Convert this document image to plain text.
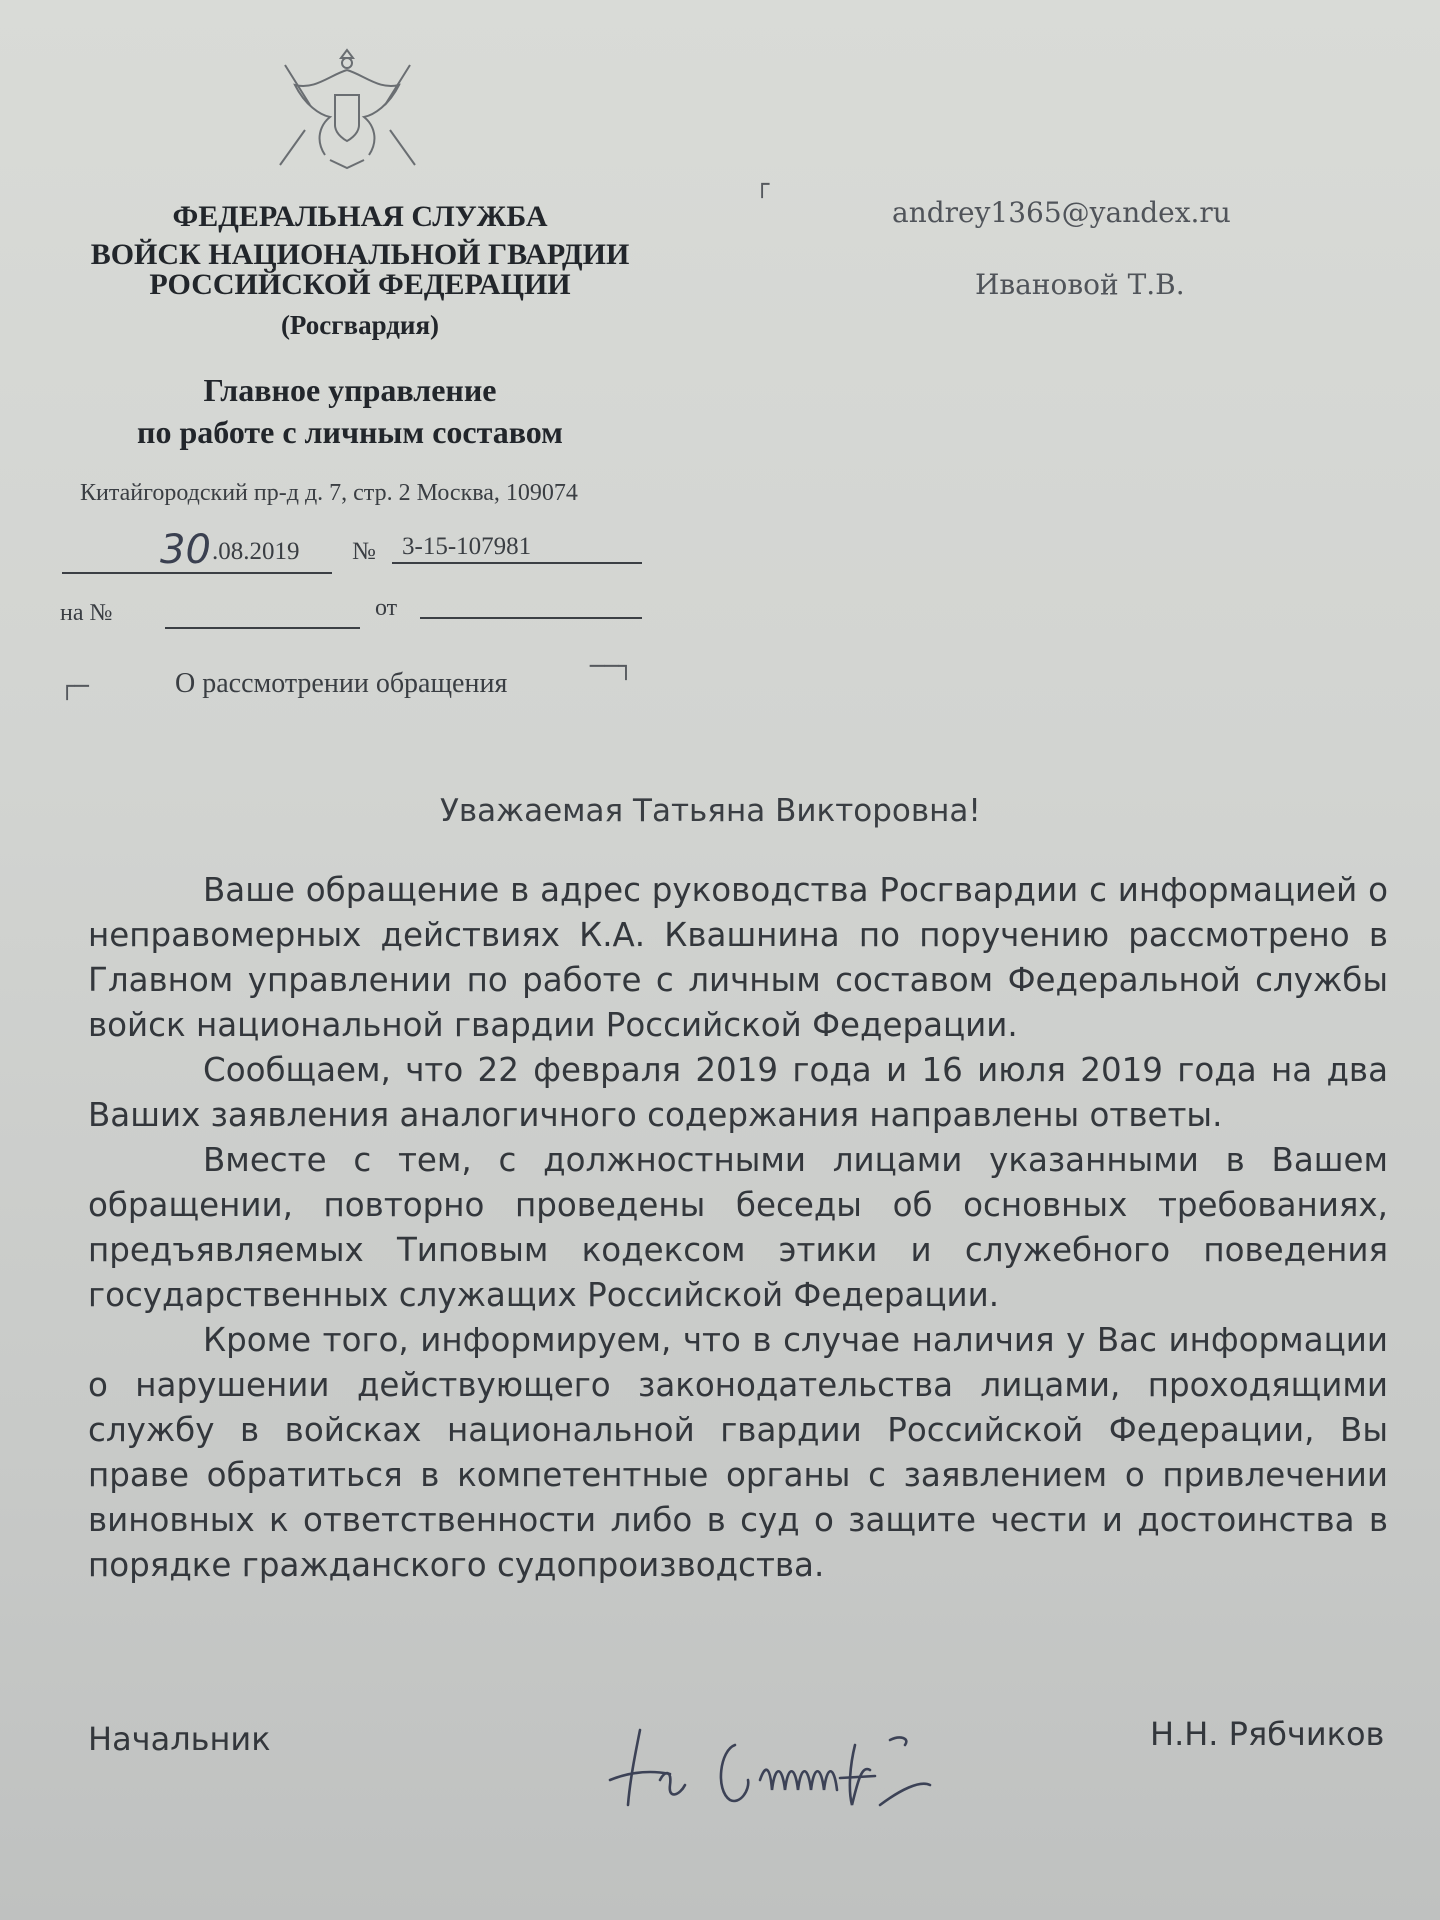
ФЕДЕРАЛЬНАЯ СЛУЖБА
ВОЙСК НАЦИОНАЛЬНОЙ ГВАРДИИ
РОССИЙСКОЙ ФЕДЕРАЦИИ
(Росгвардия)
Главное управление
по работе с личным составом
Китайгородский пр-д д. 7, стр. 2 Москва, 109074
30 .08.2019 № 3-15-107981
на №	от
┌─	О рассмотрении обращения
──┐
┌
andrey1365@yandex.ru
Ивановой Т.В.
Уважаемая Татьяна Викторовна!

Ваше обращение в адрес руководства Росгвардии с информацией о неправомерных действиях К.А. Квашнина по поручению рассмотрено в Главном управлении по работе с личным составом Федеральной службы войск национальной гвардии Российской Федерации.

Сообщаем, что 22 февраля 2019 года и 16 июля 2019 года на два Ваших заявления аналогичного содержания направлены ответы.

Вместе с тем, с должностными лицами указанными в Вашем обращении, повторно проведены беседы об основных требованиях, предъявляемых Типовым кодексом этики и служебного поведения государственных служащих Российской Федерации.

Кроме того, информируем, что в случае наличия у Вас информации о нарушении действующего законодательства лицами, проходящими службу в войсках национальной гвардии Российской Федерации, Вы праве обратиться в компетентные органы с заявлением о привлечении виновных к ответственности либо в суд о защите чести и достоинства в порядке гражданского судопроизводства.

Начальник	Н.Н. Рябчиков
